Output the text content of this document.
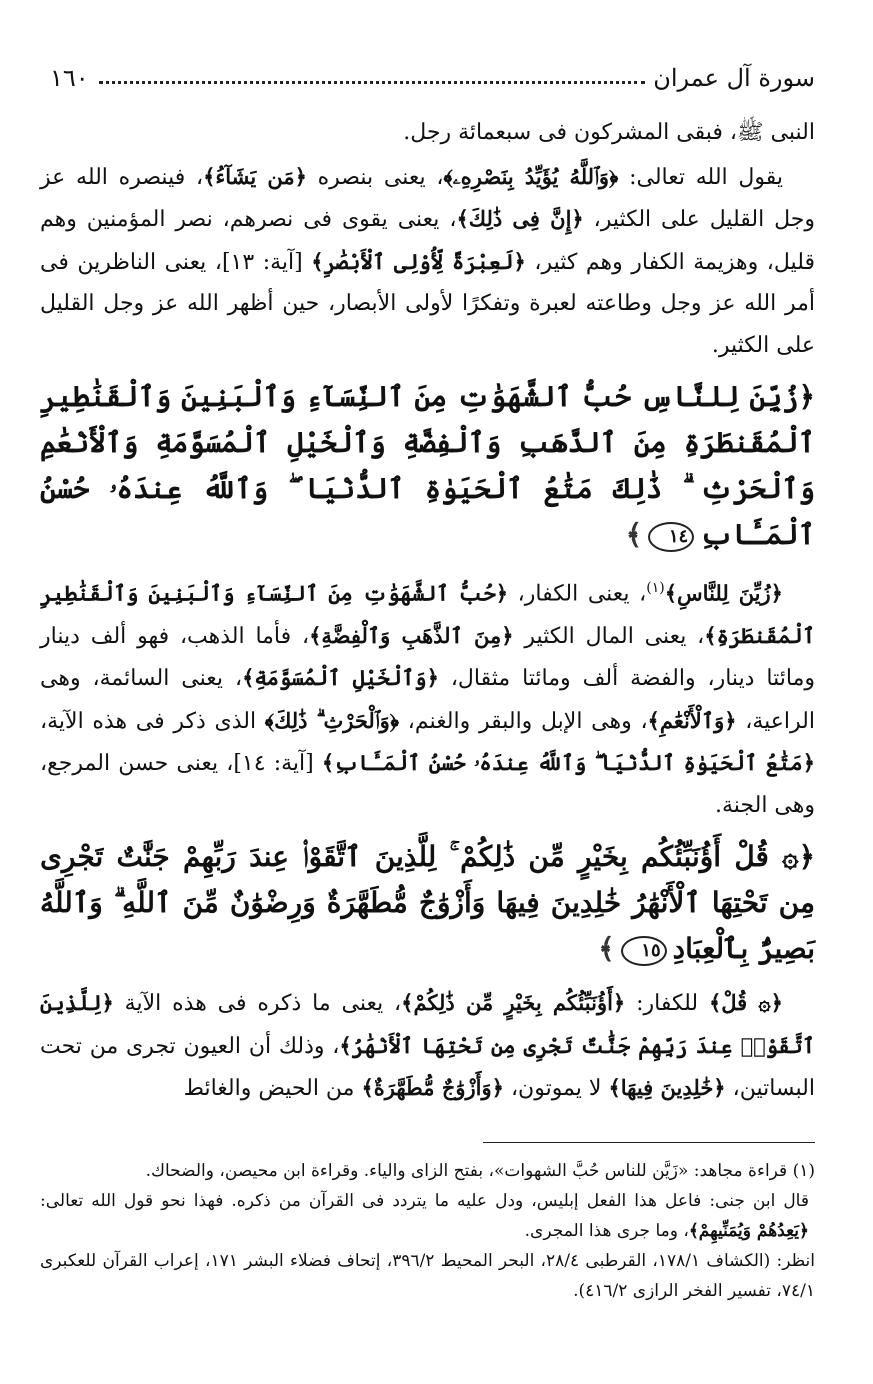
سورة آل عمران
١٦٠

النبى ﷺ، فبقى المشركون فى سبعمائة رجل.

يقول الله تعالى: ﴿وَٱللَّهُ يُؤَيِّدُ بِنَصْرِهِۦ﴾، يعنى بنصره ﴿مَن يَشَآءُ﴾، فينصره الله عز وجل القليل على الكثير، ﴿إِنَّ فِى ذَٰلِكَ﴾، يعنى يقوى فى نصرهم، نصر المؤمنين وهم قليل، وهزيمة الكفار وهم كثير، ﴿لَعِبْرَةً لِّأُوْلِى ٱلْأَبْصَٰرِ﴾ [آية: ١٣]، يعنى الناظرين فى أمر الله عز وجل وطاعته لعبرة وتفكرًا لأولى الأبصار، حين أظهر الله عز وجل القليل على الكثير.

﴿زُيِّنَ لِلنَّاسِ حُبُّ ٱلشَّهَوَٰتِ مِنَ ٱلنِّسَآءِ وَٱلْبَنِينَ وَٱلْقَنَٰطِيرِ ٱلْمُقَنطَرَةِ مِنَ ٱلذَّهَبِ وَٱلْفِضَّةِ وَٱلْخَيْلِ ٱلْمُسَوَّمَةِ وَٱلْأَنْعَٰمِ وَٱلْحَرْثِ ۗ ذَٰلِكَ مَتَٰعُ ٱلْحَيَوٰةِ ٱلدُّنْيَا ۖ وَٱللَّهُ عِندَهُۥ حُسْنُ ٱلْمَـَٔابِ١٤﴾

﴿زُيِّنَ لِلنَّاسِ﴾$^{(١)}$، يعنى الكفار، ﴿حُبُّ ٱلشَّهَوَٰتِ مِنَ ٱلنِّسَآءِ وَٱلْبَنِينَ وَٱلْقَنَٰطِيرِ ٱلْمُقَنطَرَةِ﴾، يعنى المال الكثير ﴿مِنَ ٱلذَّهَبِ وَٱلْفِضَّةِ﴾، فأما الذهب، فهو ألف دينار ومائتا دينار، والفضة ألف ومائتا مثقال، ﴿وَٱلْخَيْلِ ٱلْمُسَوَّمَةِ﴾، يعنى السائمة، وهى الراعية، ﴿وَٱلْأَنْعَٰمِ﴾، وهى الإبل والبقر والغنم، ﴿وَٱلْحَرْثِ ۗ ذَٰلِكَ﴾ الذى ذكر فى هذه الآية، ﴿مَتَٰعُ ٱلْحَيَوٰةِ ٱلدُّنْيَا ۖ وَٱللَّهُ عِندَهُۥ حُسْنُ ٱلْمَـَٔابِ﴾ [آية: ١٤]، يعنى حسن المرجع، وهى الجنة.

﴿۞ قُلْ أَؤُنَبِّئُكُم بِخَيْرٍ مِّن ذَٰلِكُمْ ۚ لِلَّذِينَ ٱتَّقَوْا۟ عِندَ رَبِّهِمْ جَنَّٰتٌ تَجْرِى مِن تَحْتِهَا ٱلْأَنْهَٰرُ خَٰلِدِينَ فِيهَا وَأَزْوَٰجٌ مُّطَهَّرَةٌ وَرِضْوَٰنٌ مِّنَ ٱللَّهِ ۗ وَٱللَّهُ بَصِيرٌۢ بِٱلْعِبَادِ١٥﴾

﴿۞ قُلْ﴾ للكفار: ﴿أَؤُنَبِّئُكُم بِخَيْرٍ مِّن ذَٰلِكُمْ﴾، يعنى ما ذكره فى هذه الآية ﴿لِلَّذِينَ ٱتَّقَوْا۟ عِندَ رَبِّهِمْ جَنَّٰتٌ تَجْرِى مِن تَحْتِهَا ٱلْأَنْهَٰرُ﴾، وذلك أن العيون تجرى من تحت البساتين، ﴿خَٰلِدِينَ فِيهَا﴾ لا يموتون، ﴿وَأَزْوَٰجٌ مُّطَهَّرَةٌ﴾ من الحيض والغائط

(١) قراءة مجاهد: «زَيَّن للناس حُبَّ الشهوات»، بفتح الزاى والياء. وقراءة ابن محيصن، والضحاك.

قال ابن جنى: فاعل هذا الفعل إبليس، ودل عليه ما يتردد فى القرآن من ذكره. فهذا نحو قول الله تعالى: ﴿يَعِدُهُمْ وَيُمَنِّيهِمْ﴾، وما جرى هذا المجرى.

انظر: (الكشاف ١٧٨/١، القرطبى ٢٨/٤، البحر المحيط ٣٩٦/٢، إتحاف فضلاء البشر ١٧١، إعراب القرآن للعكبرى ٧٤/١، تفسير الفخر الرازى ٤١٦/٢).
